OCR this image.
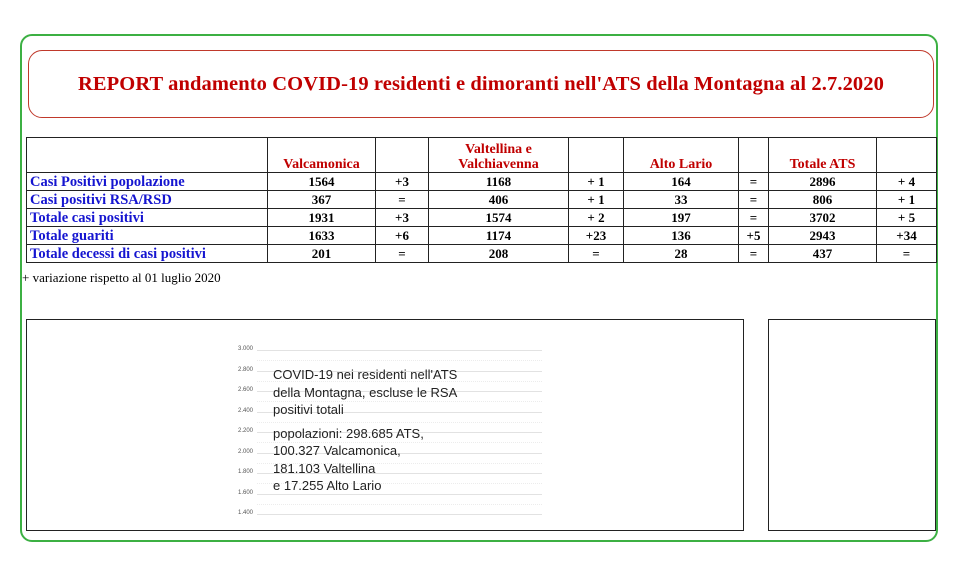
REPORT andamento COVID-19 residenti e dimoranti nell'ATS della Montagna al 2.7.2020
	Valcamonica		Valtellina e Valchiavenna		Alto Lario		Totale ATS	
Casi Positivi popolazione	1564	+3	1168	+ 1	164	=	2896	+ 4
Casi positivi RSA/RSD	367	=	406	+ 1	33	=	806	+ 1
Totale casi positivi	1931	+3	1574	+ 2	197	=	3702	+ 5
Totale guariti	1633	+6	1174	+23	136	+5	2943	+34
Totale decessi di casi positivi	201	=	208	=	28	=	437	=
+ variazione rispetto al 01 luglio 2020
3.000
2.800
2.600
2.400
2.200
2.000
1.800
1.600
1.400
COVID-19 nei residenti nell'ATS
della Montagna, escluse le RSA
positivi totali
popolazioni: 298.685 ATS,
100.327 Valcamonica,
181.103 Valtellina
e 17.255 Alto Lario
